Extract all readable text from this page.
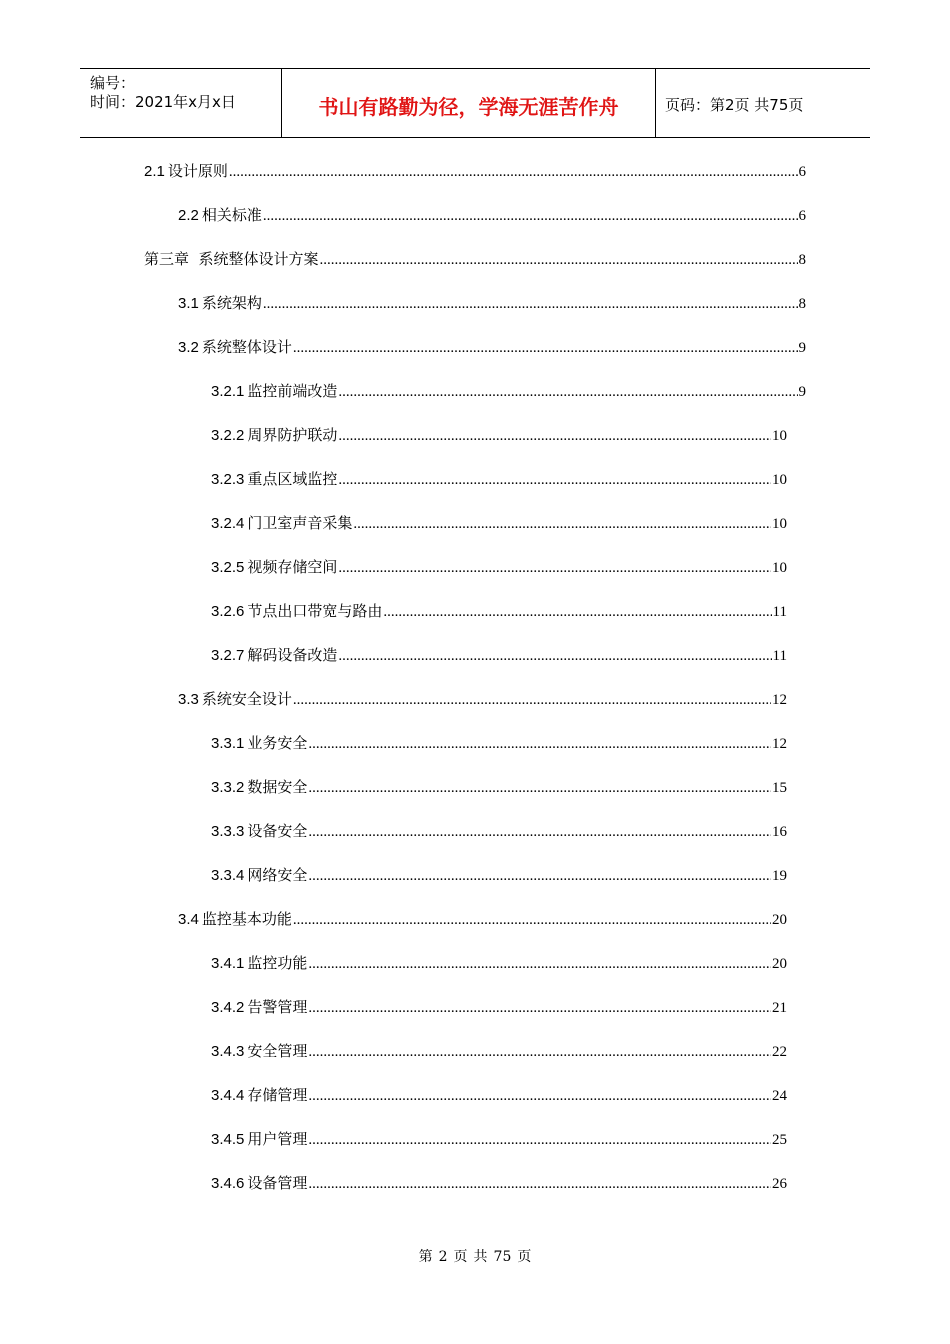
编号：
时间：2021年x月x日	书山有路勤为径，学海无涯苦作舟	页码：第2页 共75页
2.1 设计原则 .....	6
2.2 相关标准 .....	6
第三章  系统整体设计方案 .....	8
3.1 系统架构 .....	8
3.2 系统整体设计 .....	9
3.2.1 监控前端改造 .....	9
3.2.2 周界防护联动 .....	10
3.2.3 重点区域监控 .....	10
3.2.4 门卫室声音采集 .....	10
3.2.5 视频存储空间 .....	10
3.2.6 节点出口带宽与路由 .....	11
3.2.7 解码设备改造 .....	11
3.3 系统安全设计 .....	12
3.3.1 业务安全 .....	12
3.3.2 数据安全 .....	15
3.3.3 设备安全 .....	16
3.3.4 网络安全 .....	19
3.4 监控基本功能 .....	20
3.4.1 监控功能 .....	20
3.4.2 告警管理 .....	21
3.4.3 安全管理 .....	22
3.4.4 存储管理 .....	24
3.4.5 用户管理 .....	25
3.4.6 设备管理 .....	26
第 2 页 共 75 页
